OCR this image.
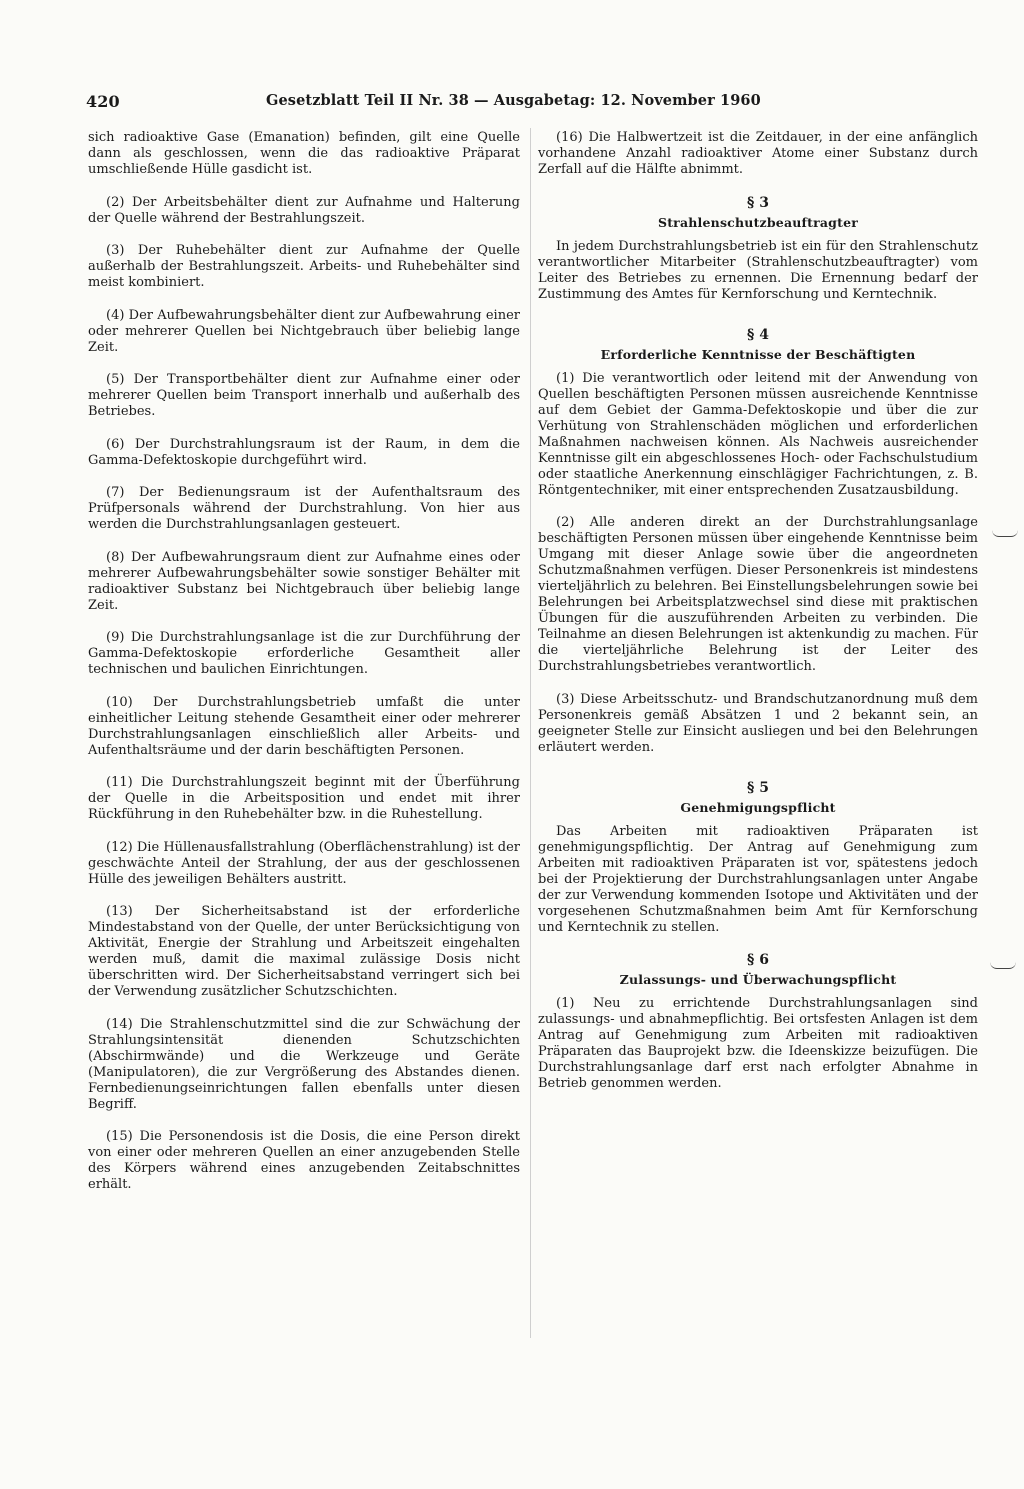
420	Gesetzblatt Teil II Nr. 38 — Ausgabetag: 12. November 1960

sich radioaktive Gase (Emanation) befinden, gilt eine Quelle dann als geschlossen, wenn die das radioaktive Präparat umschließende Hülle gasdicht ist.

(2) Der Arbeitsbehälter dient zur Aufnahme und Halterung der Quelle während der Bestrahlungszeit.

(3) Der Ruhebehälter dient zur Aufnahme der Quelle außerhalb der Bestrahlungszeit. Arbeits- und Ruhebehälter sind meist kombiniert.

(4) Der Aufbewahrungsbehälter dient zur Aufbewahrung einer oder mehrerer Quellen bei Nichtgebrauch über beliebig lange Zeit.

(5) Der Transportbehälter dient zur Aufnahme einer oder mehrerer Quellen beim Transport innerhalb und außerhalb des Betriebes.

(6) Der Durchstrahlungsraum ist der Raum, in dem die Gamma-Defektoskopie durchgeführt wird.

(7) Der Bedienungsraum ist der Aufenthaltsraum des Prüfpersonals während der Durchstrahlung. Von hier aus werden die Durchstrahlungsanlagen gesteuert.

(8) Der Aufbewahrungsraum dient zur Aufnahme eines oder mehrerer Aufbewahrungsbehälter sowie sonstiger Behälter mit radioaktiver Substanz bei Nichtgebrauch über beliebig lange Zeit.

(9) Die Durchstrahlungsanlage ist die zur Durchführung der Gamma-Defektoskopie erforderliche Gesamtheit aller technischen und baulichen Einrichtungen.

(10) Der Durchstrahlungsbetrieb umfaßt die unter einheitlicher Leitung stehende Gesamtheit einer oder mehrerer Durchstrahlungsanlagen einschließlich aller Arbeits- und Aufenthaltsräume und der darin beschäftigten Personen.

(11) Die Durchstrahlungszeit beginnt mit der Überführung der Quelle in die Arbeitsposition und endet mit ihrer Rückführung in den Ruhebehälter bzw. in die Ruhestellung.

(12) Die Hüllenausfallstrahlung (Oberflächenstrahlung) ist der geschwächte Anteil der Strahlung, der aus der geschlossenen Hülle des jeweiligen Behälters austritt.

(13) Der Sicherheitsabstand ist der erforderliche Mindestabstand von der Quelle, der unter Berücksichtigung von Aktivität, Energie der Strahlung und Arbeitszeit eingehalten werden muß, damit die maximal zulässige Dosis nicht überschritten wird. Der Sicherheitsabstand verringert sich bei der Verwendung zusätzlicher Schutzschichten.

(14) Die Strahlenschutzmittel sind die zur Schwächung der Strahlungsintensität dienenden Schutzschichten (Abschirmwände) und die Werkzeuge und Geräte (Manipulatoren), die zur Vergrößerung des Abstandes dienen. Fernbedienungseinrichtungen fallen ebenfalls unter diesen Begriff.

(15) Die Personendosis ist die Dosis, die eine Person direkt von einer oder mehreren Quellen an einer anzugebenden Stelle des Körpers während eines anzugebenden Zeitabschnittes erhält.

(16) Die Halbwertzeit ist die Zeitdauer, in der eine anfänglich vorhandene Anzahl radioaktiver Atome einer Substanz durch Zerfall auf die Hälfte abnimmt.

§ 3
Strahlenschutzbeauftragter

In jedem Durchstrahlungsbetrieb ist ein für den Strahlenschutz verantwortlicher Mitarbeiter (Strahlenschutzbeauftragter) vom Leiter des Betriebes zu ernennen. Die Ernennung bedarf der Zustimmung des Amtes für Kernforschung und Kerntechnik.

§ 4
Erforderliche Kenntnisse der Beschäftigten

(1) Die verantwortlich oder leitend mit der Anwendung von Quellen beschäftigten Personen müssen ausreichende Kenntnisse auf dem Gebiet der Gamma-Defektoskopie und über die zur Verhütung von Strahlenschäden möglichen und erforderlichen Maßnahmen nachweisen können. Als Nachweis ausreichender Kenntnisse gilt ein abgeschlossenes Hoch- oder Fachschulstudium oder staatliche Anerkennung einschlägiger Fachrichtungen, z. B. Röntgentechniker, mit einer entsprechenden Zusatzausbildung.

(2) Alle anderen direkt an der Durchstrahlungsanlage beschäftigten Personen müssen über eingehende Kenntnisse beim Umgang mit dieser Anlage sowie über die angeordneten Schutzmaßnahmen verfügen. Dieser Personenkreis ist mindestens vierteljährlich zu belehren. Bei Einstellungsbelehrungen sowie bei Belehrungen bei Arbeitsplatzwechsel sind diese mit praktischen Übungen für die auszuführenden Arbeiten zu verbinden. Die Teilnahme an diesen Belehrungen ist aktenkundig zu machen. Für die vierteljährliche Belehrung ist der Leiter des Durchstrahlungsbetriebes verantwortlich.

(3) Diese Arbeitsschutz- und Brandschutzanordnung muß dem Personenkreis gemäß Absätzen 1 und 2 bekannt sein, an geeigneter Stelle zur Einsicht ausliegen und bei den Belehrungen erläutert werden.

§ 5
Genehmigungspflicht

Das Arbeiten mit radioaktiven Präparaten ist genehmigungspflichtig. Der Antrag auf Genehmigung zum Arbeiten mit radioaktiven Präparaten ist vor, spätestens jedoch bei der Projektierung der Durchstrahlungsanlagen unter Angabe der zur Verwendung kommenden Isotope und Aktivitäten und der vorgesehenen Schutzmaßnahmen beim Amt für Kernforschung und Kerntechnik zu stellen.

§ 6
Zulassungs- und Überwachungspflicht

(1) Neu zu errichtende Durchstrahlungsanlagen sind zulassungs- und abnahmepflichtig. Bei ortsfesten Anlagen ist dem Antrag auf Genehmigung zum Arbeiten mit radioaktiven Präparaten das Bauprojekt bzw. die Ideenskizze beizufügen. Die Durchstrahlungsanlage darf erst nach erfolgter Abnahme in Betrieb genommen werden.
